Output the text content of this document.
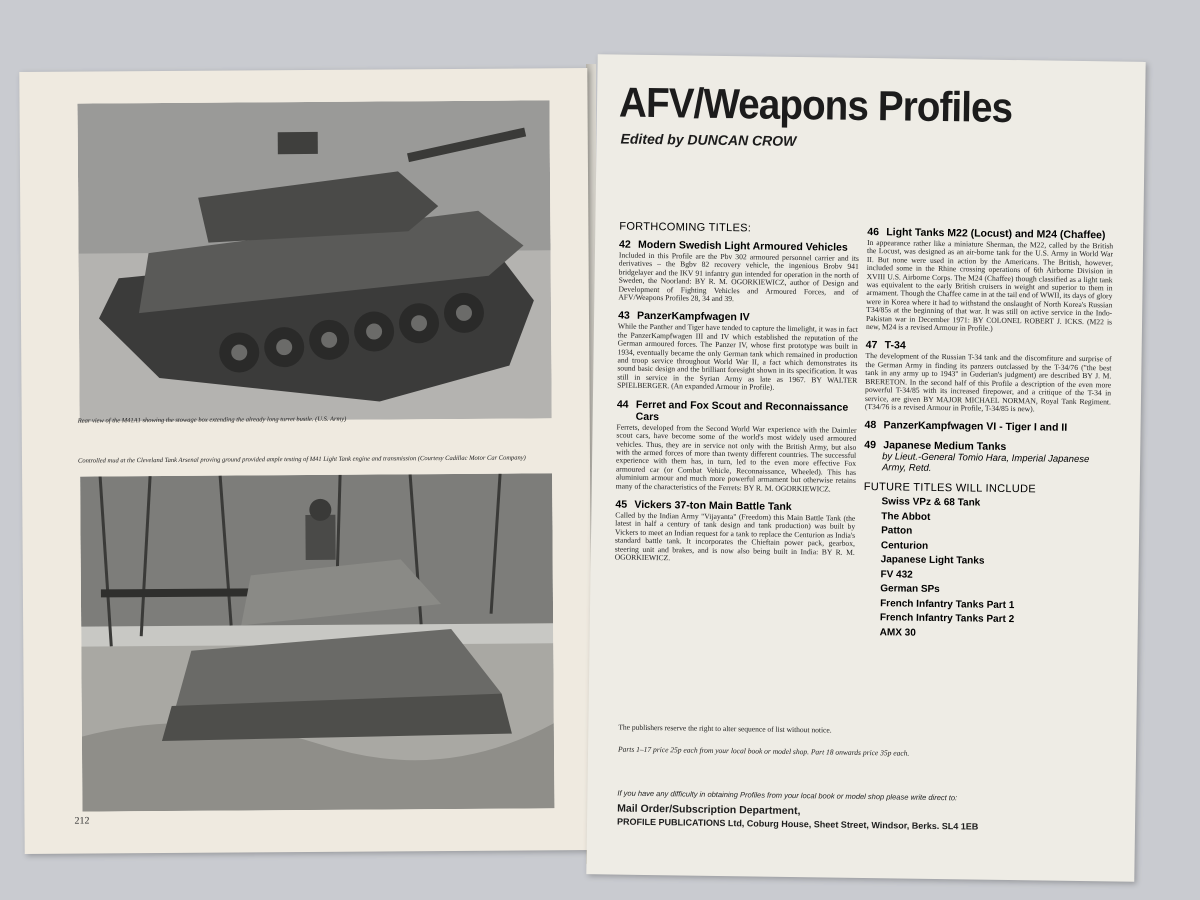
Rear view of the M41A1 showing the stowage box extending the already long turret bustle. (U.S. Army)
Controlled mud at the Cleveland Tank Arsenal proving ground provided ample testing of M41 Light Tank engine and transmission (Courtesy Cadillac Motor Car Company)
212
AFV/Weapons Profiles
Edited by DUNCAN CROW
FORTHCOMING TITLES:
42 Modern Swedish Light Armoured Vehicles
Included in this Profile are the Pbv 302 armoured personnel carrier and its derivatives – the Bgbv 82 recovery vehicle, the ingenious Brobv 941 bridgelayer and the IKV 91 infantry gun intended for operation in the north of Sweden, the Noorland: BY R. M. OGORKIEWICZ, author of Design and Development of Fighting Vehicles and Armoured Forces, and of AFV/Weapons Profiles 28, 34 and 39.
43 PanzerKampfwagen IV
While the Panther and Tiger have tended to capture the limelight, it was in fact the PanzerKampfwagen III and IV which established the reputation of the German armoured forces. The Panzer IV, whose first prototype was built in 1934, eventually became the only German tank which remained in production and troop service throughout World War II, a fact which demonstrates its sound basic design and the brilliant foresight shown in its specification. It was still in service in the Syrian Army as late as 1967. BY WALTER SPIELBERGER. (An expanded Armour in Profile).
44 Ferret and Fox Scout and Reconnaissance Cars
Ferrets, developed from the Second World War experience with the Daimler scout cars, have become some of the world's most widely used armoured vehicles. Thus, they are in service not only with the British Army, but also with the armed forces of more than twenty different countries. The successful experience with them has, in turn, led to the even more effective Fox armoured car (or Combat Vehicle, Reconnaissance, Wheeled). This has aluminium armour and much more powerful armament but otherwise retains many of the characteristics of the Ferrets: BY R. M. OGORKIEWICZ.
45 Vickers 37-ton Main Battle Tank
Called by the Indian Army "Vijayanta" (Freedom) this Main Battle Tank (the latest in half a century of tank design and tank production) was built by Vickers to meet an Indian request for a tank to replace the Centurion as India's standard battle tank. It incorporates the Chieftain power pack, gearbox, steering unit and brakes, and is now also being built in India: BY R. M. OGORKIEWICZ.
46 Light Tanks M22 (Locust) and M24 (Chaffee)
In appearance rather like a miniature Sherman, the M22, called by the British the Locust, was designed as an air-borne tank for the U.S. Army in World War II. But none were used in action by the Americans. The British, however, included some in the Rhine crossing operations of 6th Airborne Division in XVIII U.S. Airborne Corps. The M24 (Chaffee) though classified as a light tank was equivalent to the early British cruisers in weight and superior to them in armament. Though the Chaffee came in at the tail end of WWII, its days of glory were in Korea where it had to withstand the onslaught of North Korea's Russian T34/85s at the beginning of that war. It was still on active service in the Indo-Pakistan war in December 1971: BY COLONEL ROBERT J. ICKS. (M22 is new, M24 is a revised Armour in Profile.)
47 T-34
The development of the Russian T-34 tank and the discomfiture and surprise of the German Army in finding its panzers outclassed by the T-34/76 ("the best tank in any army up to 1943" in Guderian's judgment) are described BY J. M. BRERETON. In the second half of this Profile a description of the even more powerful T-34/85 with its increased firepower, and a critique of the T-34 in service, are given BY MAJOR MICHAEL NORMAN, Royal Tank Regiment. (T34/76 is a revised Armour in Profile, T-34/85 is new).
48 PanzerKampfwagen VI - Tiger I and II
49 Japanese Medium Tanks
by Lieut.-General Tomio Hara, Imperial Japanese Army, Retd.
FUTURE TITLES WILL INCLUDE
Swiss VPz & 68 Tank
The Abbot
Patton
Centurion
Japanese Light Tanks
FV 432
German SPs
French Infantry Tanks Part 1
French Infantry Tanks Part 2
AMX 30
The publishers reserve the right to alter sequence of list without notice.
Parts 1–17 price 25p each from your local book or model shop. Part 18 onwards price 35p each.
If you have any difficulty in obtaining Profiles from your local book or model shop please write direct to:
Mail Order/Subscription Department,
PROFILE PUBLICATIONS Ltd, Coburg House, Sheet Street, Windsor, Berks. SL4 1EB
